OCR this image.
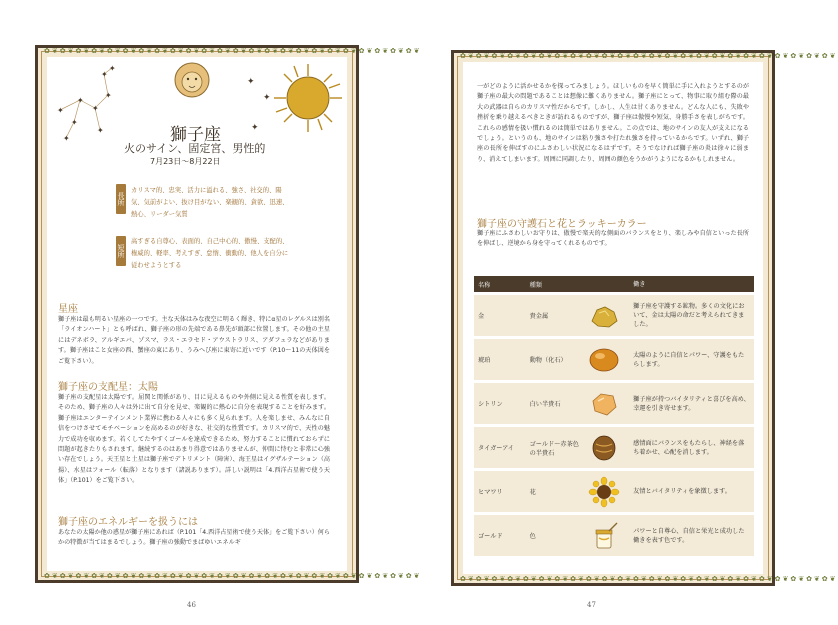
✿❦✿❦✿❦✿❦✿❦✿❦✿❦✿❦✿❦✿❦✿❦✿❦✿❦✿❦✿❦✿❦✿❦✿❦✿❦✿❦✿❦✿❦✿❦✿❦
✿❦✿❦✿❦✿❦✿❦✿❦✿❦✿❦✿❦✿❦✿❦✿❦✿❦✿❦✿❦✿❦✿❦✿❦✿❦✿❦✿❦✿❦✿❦✿❦
✦
✦
✦
✦
✦
✦
✦
✦
✦
✦
✦
✦
獅子座
火のサイン、固定宮、男性的
7月23日～8月22日
長所
カリスマ的、忠実、活力に溢れる、強さ、社交的、陽気、気前がよい、抜け目がない、楽観的、貪欲、迅速、熱心、リーダー気質
短所
高すぎる自尊心、表面的、自己中心的、傲慢、支配的、権威的、軽率、考えすぎ、怠惰、衝動的、他人を自分に従わせようとする
星座
獅子座は最も明るい星座の一つです。主な天体はみな夜空に明るく輝き、特にα星のレグルスは別名「ライオンハート」とも呼ばれ、獅子座の形の先端である鼻先が頭部に位置します。その他の主星にはデネボラ、アルギエバ、ゾスマ、ラス・エラセド・アウストラリス、アダフェラなどがあります。獅子座はこと女座の西、蟹座の東にあり、うみへび座に東寄に近いです（P.10～11の天体図をご覧下さい）。
獅子座の支配星：太陽
獅子座の支配星は太陽です。屈関と関係があり、目に見えるものや外側に見える性質を表します。そのため、獅子座の人々は外に出て自分を見せ、楽観的に熱心に自分を表現することを好みます。獅子座はエンターテインメント業界に携わる人々にも多く見られます。人を楽しませ、みんなに自信をつけさせてモチベーションを高めるのが好きな、社交的な性質です。カリスマ的で、天性の魅力で成功を収めます。若くしてたやすくゴールを達成できるため、努力することに慣れておらずに問題が起きたりもされます。継続するのはあまり得意ではありませんが、仲間に恃むと非常に心強い存在でしょう。天王星と土星は獅子座でデトリメント（障害）、海王星はイグザルテーション（高揚）、水星はフォール（転落）となります（諸説あります）。詳しい説明は「4.西洋占星術で使う天体」（P.101）をご覧下さい。
獅子座のエネルギーを扱うには
あなたの太陽か他の惑星が獅子座にあれば（P.101「4.西洋占星術で使う天体」をご覧下さい）何らかの特徴が当てはまるでしょう。獅子座の強動でまばゆいエネルギ
46
✿❦✿❦✿❦✿❦✿❦✿❦✿❦✿❦✿❦✿❦✿❦✿❦✿❦✿❦✿❦✿❦✿❦✿❦✿❦✿❦✿❦✿❦✿❦✿❦
✿❦✿❦✿❦✿❦✿❦✿❦✿❦✿❦✿❦✿❦✿❦✿❦✿❦✿❦✿❦✿❦✿❦✿❦✿❦✿❦✿❦✿❦✿❦✿❦
47
一がどのように活かせるかを探ってみましょう。ほしいものを早く簡単に手に入れようとするのが獅子座の最大の問題であることは想像に難くありません。獅子座にとって、物事に取り組む際の最大の武器は自らのカリスマ性だからです。しかし、人生は甘くありません。どんな人にも、失敗や挫折を乗り越えるべきときが訪れるものですが、獅子座は傲慢や短気、身勝手さを表しがちです。これらの感情を扱い慣れるのは簡単ではありません。この点では、地のサインの友人が支えになるでしょう。というのも、地のサインは粘り強さや打たれ強さを持っているからです。いずれ、獅子座の長所を伸ばすのにふさわしい状況になるはずです。そうでなければ獅子座の炎は徐々に弱まり、消えてしまいます。周囲に同調したり、周囲の顔色をうかがうようになるかもしれません。
獅子座の守護石と花とラッキーカラー
獅子座にふさわしいお守りは、傲慢で楽天的な側面のバランスをとり、楽しみや自信といった長所を伸ばし、逆境から身を守ってくれるものです。
名称	種類		働き
金	貴金属		獅子座を守護する鉱物。多くの文化において、金は太陽の命だと考えられてきました。
琥珀	動物（化石）		太陽のように自信とパワー、守護をもたらします。
シトリン	白い半貴石		獅子座が持つバイタリティと喜びを高め、幸運を引き寄せます。
タイガーアイ	ゴールド～赤茶色の半貴石		感情面にバランスをもたらし、神経を落ち着かせ、心配を消します。
ヒマワリ	花		友情とバイタリティを象徴します。
ゴールド	色		パワーと自尊心、自信と栄光と成功した働きを表す色です。
